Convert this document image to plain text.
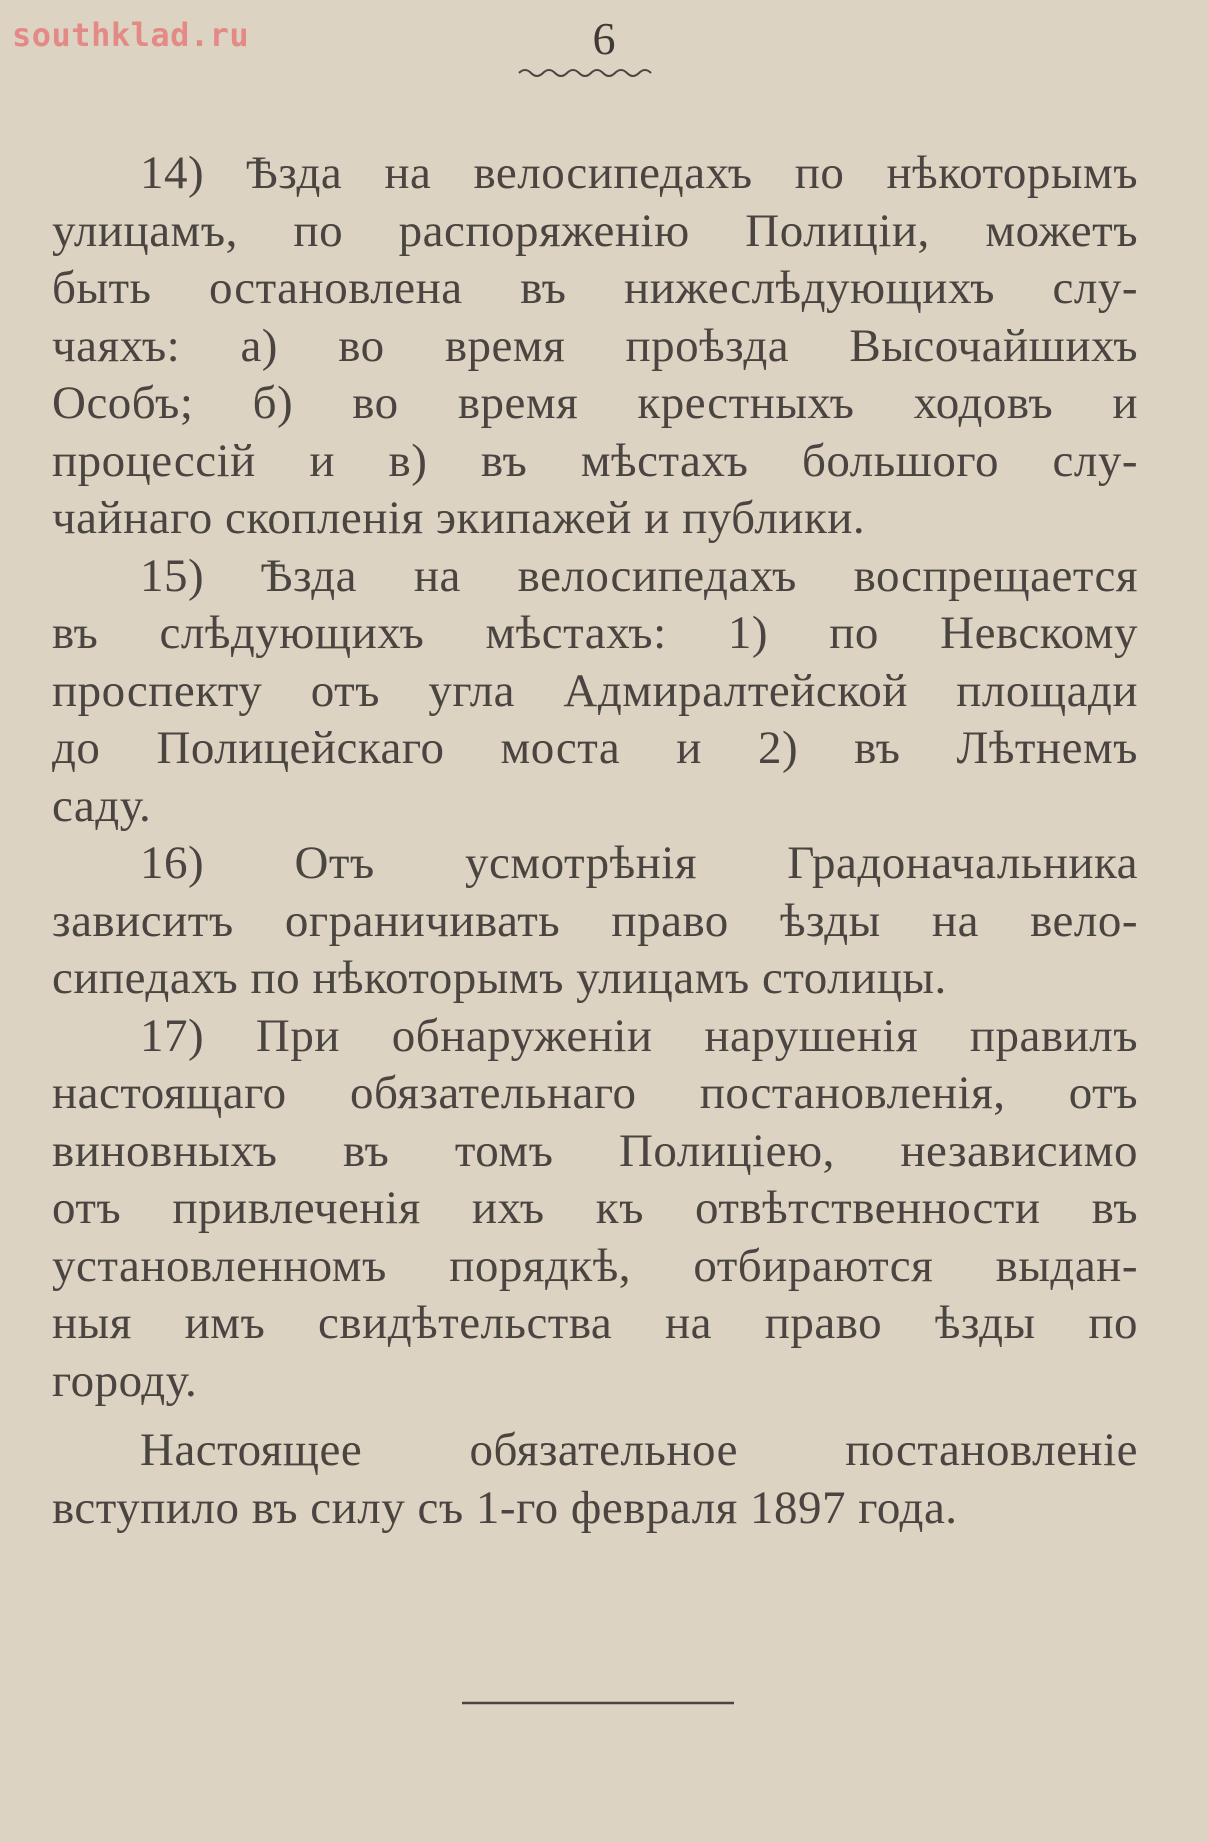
southklad.ru	6
14) Ѣзда на велосипедахъ по нѣкоторымъ
улицамъ, по распоряженію Полиціи, можетъ
быть остановлена въ нижеслѣдующихъ слу-
чаяхъ: а) во время проѣзда Высочайшихъ
Особъ; б) во время крестныхъ ходовъ и
процессій и в) въ мѣстахъ большого слу-
чайнаго скопленія экипажей и публики.
15) Ѣзда на велосипедахъ воспрещается
въ слѣдующихъ мѣстахъ: 1) по Невскому
проспекту отъ угла Адмиралтейской площади
до Полицейскаго моста и 2) въ Лѣтнемъ
саду.
16) Отъ усмотрѣнія Градоначальника
зависитъ ограничивать право ѣзды на вело-
сипедахъ по нѣкоторымъ улицамъ столицы.
17) При обнаруженіи нарушенія правилъ
настоящаго обязательнаго постановленія, отъ
виновныхъ въ томъ Полиціею, независимо
отъ привлеченія ихъ къ отвѣтственности въ
установленномъ порядкѣ, отбираются выдан-
ныя имъ свидѣтельства на право ѣзды по
городу.
Настоящее обязательное постановленіе
вступило въ силу съ 1-го февраля 1897 года.
